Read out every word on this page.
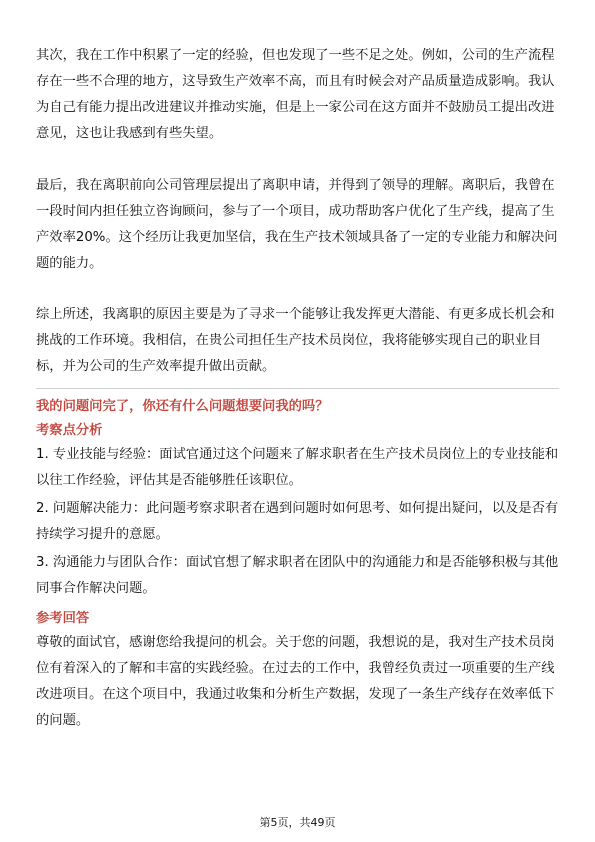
其次，我在工作中积累了一定的经验，但也发现了一些不足之处。例如，公司的生产流程存在一些不合理的地方，这导致生产效率不高，而且有时候会对产品质量造成影响。我认为自己有能力提出改进建议并推动实施，但是上一家公司在这方面并不鼓励员工提出改进意见，这也让我感到有些失望。

最后，我在离职前向公司管理层提出了离职申请，并得到了领导的理解。离职后，我曾在一段时间内担任独立咨询顾问，参与了一个项目，成功帮助客户优化了生产线，提高了生产效率20%。这个经历让我更加坚信，我在生产技术领域具备了一定的专业能力和解决问题的能力。

综上所述，我离职的原因主要是为了寻求一个能够让我发挥更大潜能、有更多成长机会和挑战的工作环境。我相信，在贵公司担任生产技术员岗位，我将能够实现自己的职业目标，并为公司的生产效率提升做出贡献。

我的问题问完了，你还有什么问题想要问我的吗？

考察点分析

1. 专业技能与经验：面试官通过这个问题来了解求职者在生产技术员岗位上的专业技能和以往工作经验，评估其是否能够胜任该职位。
2. 问题解决能力：此问题考察求职者在遇到问题时如何思考、如何提出疑问，以及是否有持续学习提升的意愿。
3. 沟通能力与团队合作：面试官想了解求职者在团队中的沟通能力和是否能够积极与其他同事合作解决问题。

参考回答

尊敬的面试官，感谢您给我提问的机会。关于您的问题，我想说的是，我对生产技术员岗位有着深入的了解和丰富的实践经验。在过去的工作中，我曾经负责过一项重要的生产线改进项目。在这个项目中，我通过收集和分析生产数据，发现了一条生产线存在效率低下的问题。

第5页，共49页
